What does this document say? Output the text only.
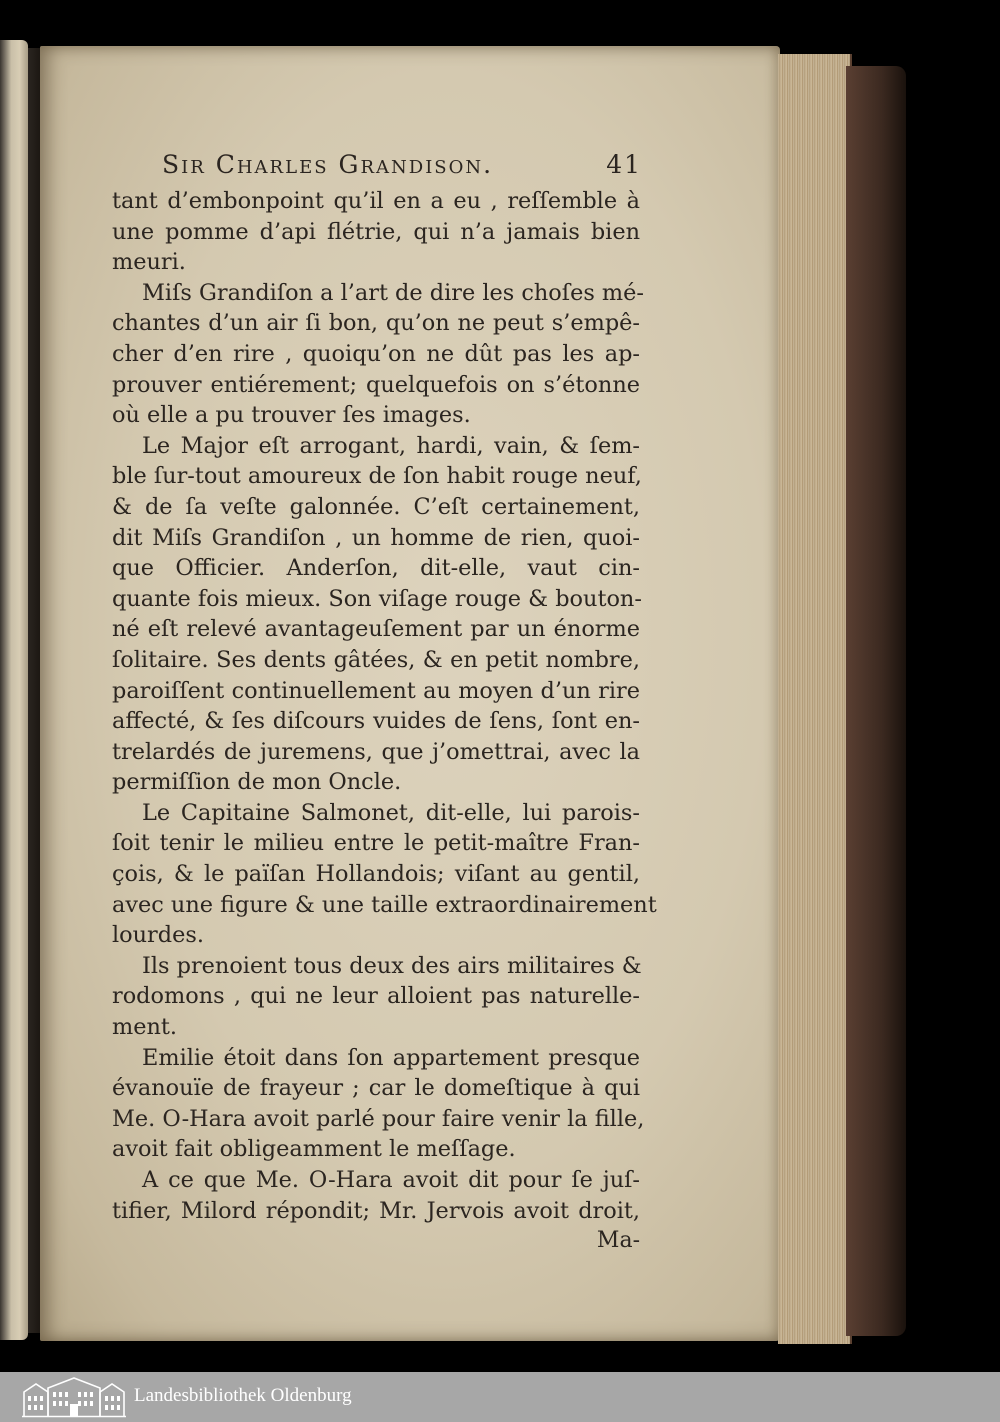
Sir Charles Grandison.	41
tant d’embonpoint qu’il en a eu , reſſemble à
une pomme d’api flétrie, qui n’a jamais bien
meuri.
Miſs Grandiſon a l’art de dire les choſes mé-
chantes d’un air ſi bon, qu’on ne peut s’empê-
cher d’en rire , quoiqu’on ne dût pas les ap-
prouver entiérement; quelquefois on s’étonne
où elle a pu trouver ſes images.
Le Major eſt arrogant, hardi, vain, & ſem-
ble ſur-tout amoureux de ſon habit rouge neuf,
& de ſa veſte galonnée. C’eſt certainement,
dit Miſs Grandiſon , un homme de rien, quoi-
que Officier. Anderſon, dit-elle, vaut cin-
quante fois mieux. Son viſage rouge & bouton-
né eſt relevé avantageuſement par un énorme
ſolitaire. Ses dents gâtées, & en petit nombre,
paroiſſent continuellement au moyen d’un rire
affecté, & ſes diſcours vuides de ſens, ſont en-
trelardés de juremens, que j’omettrai, avec la
permiſſion de mon Oncle.
Le Capitaine Salmonet, dit-elle, lui parois-
ſoit tenir le milieu entre le petit-maître Fran-
çois, & le païſan Hollandois; viſant au gentil,
avec une figure & une taille extraordinairement
lourdes.
Ils prenoient tous deux des airs militaires &
rodomons , qui ne leur alloient pas naturelle-
ment.
Emilie étoit dans ſon appartement presque
évanouïe de frayeur ; car le domeſtique à qui
Me. O-Hara avoit parlé pour faire venir la fille,
avoit fait obligeamment le meſſage.
A ce que Me. O-Hara avoit dit pour ſe juſ-
tifier, Milord répondit; Mr. Jervois avoit droit,
Ma-
Landesbibliothek Oldenburg
